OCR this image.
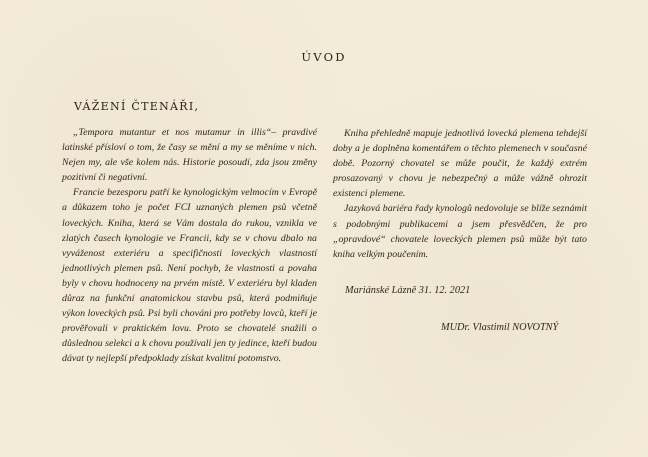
ÚVOD
VÁŽENÍ ČTENÁŘI,

„Tempora mutantur et nos mutamur in illis“– pravdivé latinské přísloví o tom, že časy se mění a my se měníme v nich. Nejen my, ale vše kolem nás. Historie posoudí, zda jsou změny pozitivní či negativní.

Francie bezesporu patří ke kynologickým velmocím v Evropě a důkazem toho je počet FCI uznaných plemen psů včetně loveckých. Kniha, která se Vám dostala do rukou, vznikla ve zlatých časech kynologie ve Francii, kdy se v chovu dbalo na vyváženost exteriéru a specifičnosti loveckých vlastností jednotlivých plemen psů. Není pochyb, že vlastnosti a povaha byly v chovu hodnoceny na prvém místě. V exteriéru byl kladen důraz na funkční anatomickou stavbu psů, která podmiňuje výkon loveckých psů. Psi byli chováni pro potřeby lovců, kteří je prověřovali v praktickém lovu. Proto se chovatelé snažili o důslednou selekci a k chovu používali jen ty jedince, kteří budou dávat ty nejlepší předpoklady získat kvalitní potomstvo.

Kniha přehledně mapuje jednotlivá lovecká plemena tehdejší doby a je doplněna komentářem o těchto plemenech v současné době. Pozorný chovatel se může poučit, že každý extrém prosazovaný v chovu je nebezpečný a může vážně ohrozit existenci plemene.

Jazyková bariéra řady kynologů nedovoluje se blíže seznámit s podobnými publikacemi a jsem přesvědčen, že pro „opravdové“ chovatele loveckých plemen psů může být tato kniha velkým poučením.

Mariánské Lázně 31. 12. 2021
MUDr. Vlastimil NOVOTNÝ
